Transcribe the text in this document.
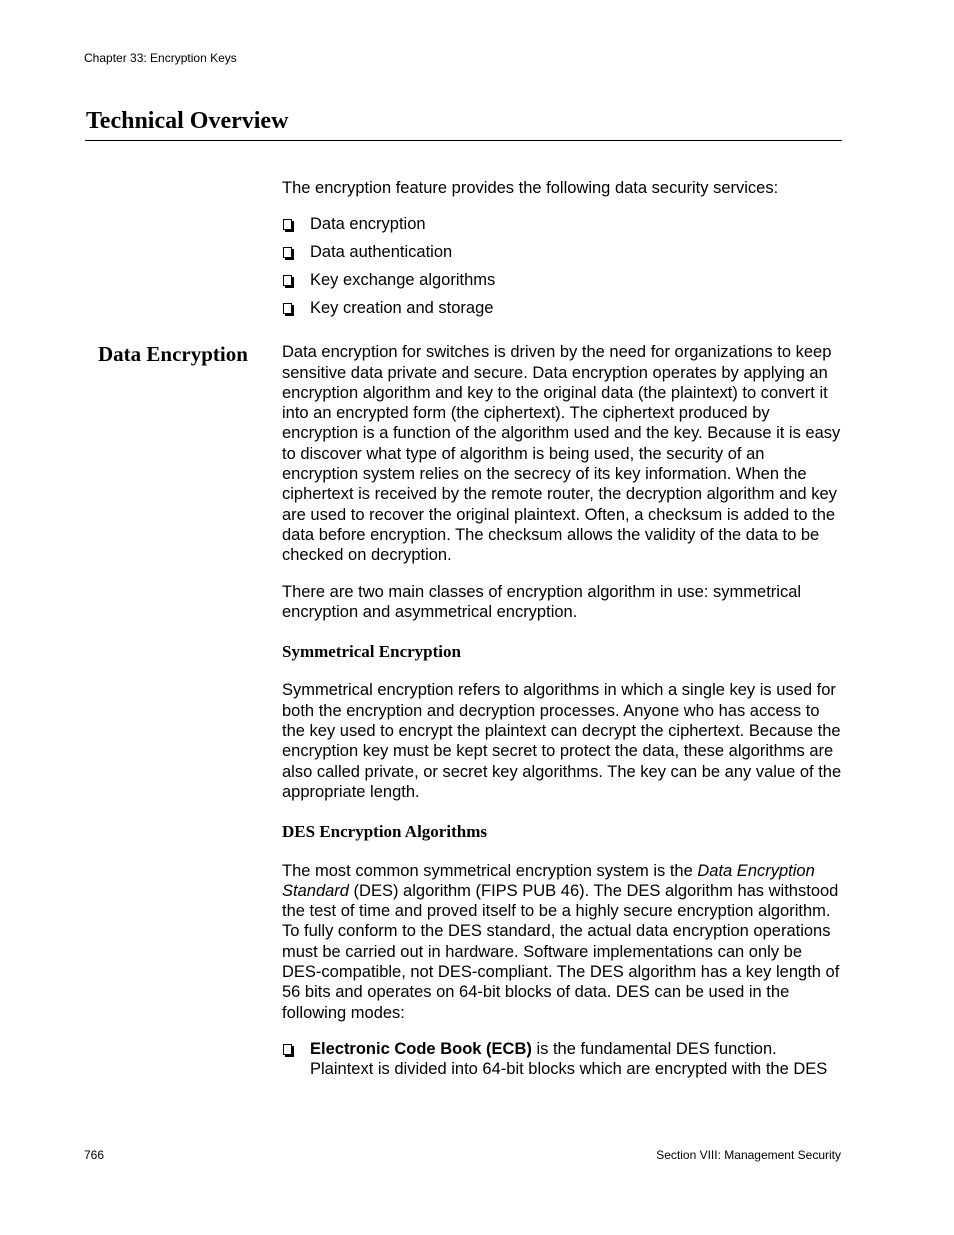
Chapter 33: Encryption Keys
Technical Overview
Data Encryption

The encryption feature provides the following data security services:

Data encryption
Data authentication
Key exchange algorithms
Key creation and storage

Data encryption for switches is driven by the need for organizations to keep sensitive data private and secure. Data encryption operates by applying an encryption algorithm and key to the original data (the plaintext) to convert it into an encrypted form (the ciphertext). The ciphertext produced by encryption is a function of the algorithm used and the key. Because it is easy to discover what type of algorithm is being used, the security of an encryption system relies on the secrecy of its key information. When the ciphertext is received by the remote router, the decryption algorithm and key are used to recover the original plaintext. Often, a checksum is added to the data before encryption. The checksum allows the validity of the data to be checked on decryption.

There are two main classes of encryption algorithm in use: symmetrical encryption and asymmetrical encryption.

Symmetrical Encryption

Symmetrical encryption refers to algorithms in which a single key is used for both the encryption and decryption processes. Anyone who has access to the key used to encrypt the plaintext can decrypt the ciphertext. Because the encryption key must be kept secret to protect the data, these algorithms are also called private, or secret key algorithms. The key can be any value of the appropriate length.

DES Encryption Algorithms

The most common symmetrical encryption system is the Data Encryption Standard (DES) algorithm (FIPS PUB 46). The DES algorithm has withstood the test of time and proved itself to be a highly secure encryption algorithm. To fully conform to the DES standard, the actual data encryption operations must be carried out in hardware. Software implementations can only be DES-compatible, not DES-compliant. The DES algorithm has a key length of 56 bits and operates on 64-bit blocks of data. DES can be used in the following modes:

Electronic Code Book (ECB) is the fundamental DES function. Plaintext is divided into 64-bit blocks which are encrypted with the DES
766	Section VIII: Management Security
